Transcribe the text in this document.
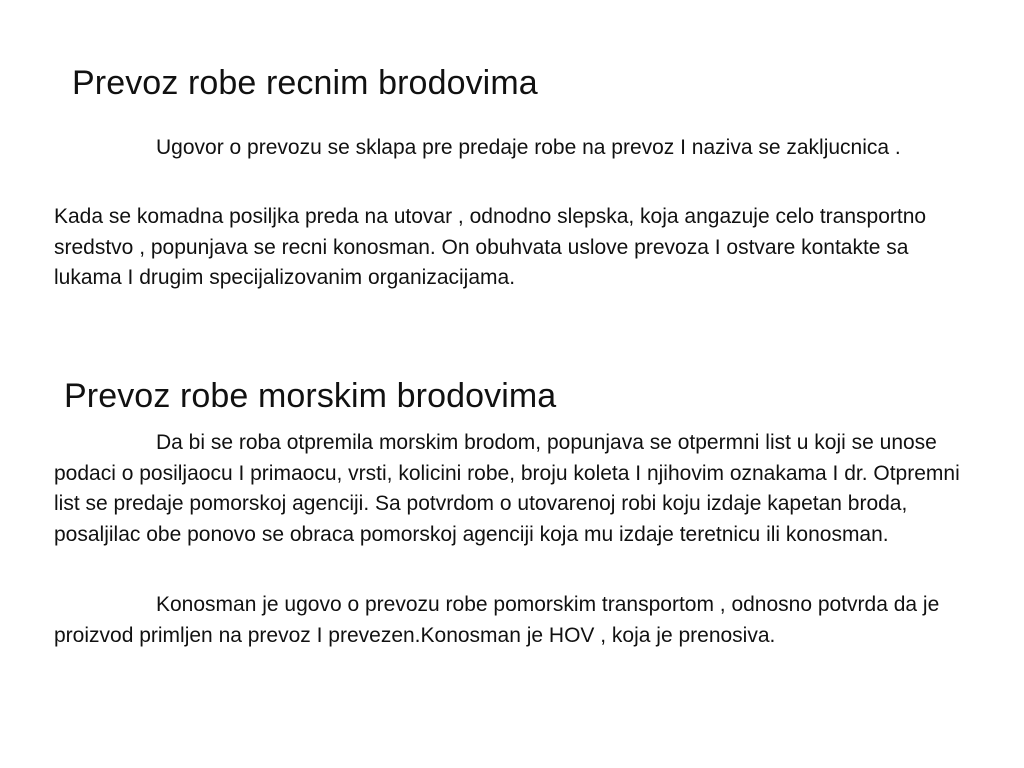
Prevoz robe recnim brodovima

Ugovor o prevozu se sklapa pre predaje robe na prevoz I naziva se zakljucnica .

Kada se komadna posiljka preda na utovar , odnodno slepska, koja angazuje celo transportno sredstvo , popunjava se recni konosman. On obuhvata uslove prevoza I ostvare kontakte sa lukama I drugim specijalizovanim organizacijama.

Prevoz robe morskim brodovima

Da bi se roba otpremila morskim brodom, popunjava se otpermni list u koji se unose podaci o posiljaocu I primaocu, vrsti, kolicini robe, broju koleta I njihovim oznakama I dr. Otpremni list se predaje pomorskoj agenciji. Sa potvrdom o utovarenoj robi koju izdaje kapetan broda, posaljilac obe ponovo se obraca pomorskoj agenciji koja mu izdaje teretnicu ili konosman.

Konosman je ugovo o prevozu robe pomorskim transportom , odnosno potvrda da je proizvod primljen na prevoz I prevezen.Konosman je HOV , koja je prenosiva.
